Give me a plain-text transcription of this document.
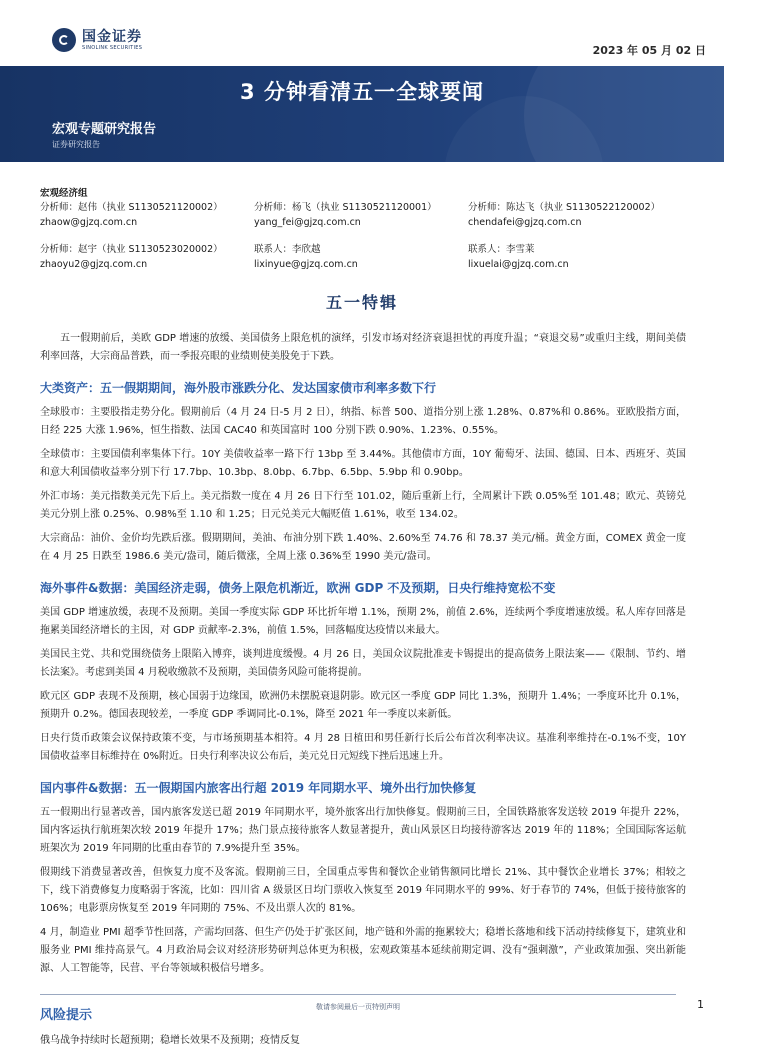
国金证券
SINOLINK SECURITIES	2023 年 05 月 02 日
3 分钟看清五一全球要闻
宏观专题研究报告
证券研究报告
宏观经济组
分析师：赵伟（执业 S1130521120002）
zhaow@gjzq.com.cn
分析师：杨飞（执业 S1130521120001）
yang_fei@gjzq.com.cn
分析师：陈达飞（执业 S1130522120002）
chendafei@gjzq.com.cn
分析师：赵宇（执业 S1130523020002）
zhaoyu2@gjzq.com.cn
联系人：李欣越
lixinyue@gjzq.com.cn
联系人：李雪莱
lixuelai@gjzq.com.cn
五一特辑
五一假期前后，美欧 GDP 增速的放缓、美国债务上限危机的演绎，引发市场对经济衰退担忧的再度升温；“衰退交易”或重归主线，期间美债利率回落，大宗商品普跌，而一季报亮眼的业绩则使美股免于下跌。
大类资产：五一假期期间，海外股市涨跌分化、发达国家债市利率多数下行
全球股市：主要股指走势分化。假期前后（4 月 24 日-5 月 2 日），纳指、标普 500、道指分别上涨 1.28%、0.87%和 0.86%。亚欧股指方面，日经 225 大涨 1.96%，恒生指数、法国 CAC40 和英国富时 100 分别下跌 0.90%、1.23%、0.55%。
全球债市：主要国债利率集体下行。10Y 美债收益率一路下行 13bp 至 3.44%。其他债市方面，10Y 葡萄牙、法国、德国、日本、西班牙、英国和意大利国债收益率分别下行 17.7bp、10.3bp、8.0bp、6.7bp、6.5bp、5.9bp 和 0.90bp。
外汇市场：美元指数美元先下后上。美元指数一度在 4 月 26 日下行至 101.02，随后重新上行，全周累计下跌 0.05%至 101.48；欧元、英镑兑美元分别上涨 0.25%、0.98%至 1.10 和 1.25；日元兑美元大幅贬值 1.61%，收至 134.02。
大宗商品：油价、金价均先跌后涨。假期期间，美油、布油分别下跌 1.40%、2.60%至 74.76 和 78.37 美元/桶。黄金方面，COMEX 黄金一度在 4 月 25 日跌至 1986.6 美元/盎司，随后微涨，全周上涨 0.36%至 1990 美元/盎司。
海外事件&数据：美国经济走弱，债务上限危机渐近，欧洲 GDP 不及预期，日央行维持宽松不变
美国 GDP 增速放缓，表现不及预期。美国一季度实际 GDP 环比折年增 1.1%，预期 2%，前值 2.6%，连续两个季度增速放缓。私人库存回落是拖累美国经济增长的主因，对 GDP 贡献率-2.3%，前值 1.5%，回落幅度达疫情以来最大。
美国民主党、共和党围绕债务上限陷入博弈，谈判进度缓慢。4 月 26 日，美国众议院批准麦卡锡提出的提高债务上限法案——《限制、节约、增长法案》。考虑到美国 4 月税收缴款不及预期，美国债务风险可能将提前。
欧元区 GDP 表现不及预期，核心国弱于边缘国，欧洲仍未摆脱衰退阴影。欧元区一季度 GDP 同比 1.3%，预期升 1.4%；一季度环比升 0.1%，预期升 0.2%。德国表现较差，一季度 GDP 季调同比-0.1%，降至 2021 年一季度以来新低。
日央行货币政策会议保持政策不变，与市场预期基本相符。4 月 28 日植田和男任新行长后公布首次利率决议。基准利率维持在-0.1%不变，10Y 国债收益率目标维持在 0%附近。日央行利率决议公布后，美元兑日元短线下挫后迅速上升。
国内事件&数据：五一假期国内旅客出行超 2019 年同期水平、境外出行加快修复
五一假期出行显著改善，国内旅客发送已超 2019 年同期水平，境外旅客出行加快修复。假期前三日，全国铁路旅客发送较 2019 年提升 22%，国内客运执行航班架次较 2019 年提升 17%；热门景点接待旅客人数显著提升，黄山风景区日均接待游客达 2019 年的 118%；全国国际客运航班架次为 2019 年同期的比重由春节的 7.9%提升至 35%。
假期线下消费显著改善，但恢复力度不及客流。假期前三日，全国重点零售和餐饮企业销售额同比增长 21%、其中餐饮企业增长 37%；相较之下，线下消费修复力度略弱于客流，比如：四川省 A 级景区日均门票收入恢复至 2019 年同期水平的 99%、好于春节的 74%，但低于接待旅客的 106%；电影票房恢复至 2019 年同期的 75%、不及出票人次的 81%。
4 月，制造业 PMI 超季节性回落，产需均回落、但生产仍处于扩张区间，地产链和外需的拖累较大；稳增长落地和线下活动持续修复下，建筑业和服务业 PMI 维持高景气。4 月政治局会议对经济形势研判总体更为积极，宏观政策基本延续前期定调、没有“强刺激”，产业政策加强、突出新能源、人工智能等，民营、平台等领域积极信号增多。
风险提示
俄乌战争持续时长超预期；稳增长效果不及预期；疫情反复
敬请参阅最后一页特别声明	1
